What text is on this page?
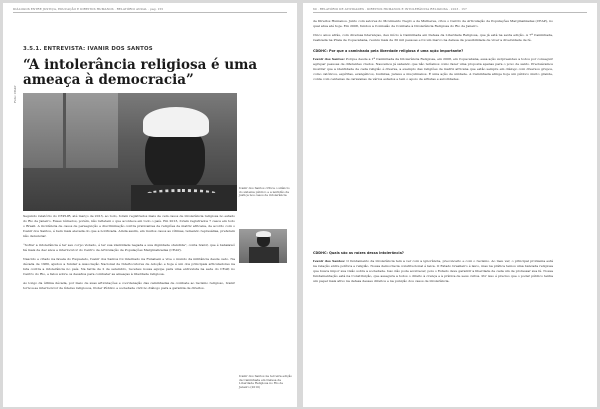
DIÁLOGOS ENTRE JUSTIÇA, EDUCAÇÃO E DIREITOS HUMANOS · RELATÓRIO ANUAL · pag. 155
3.5.1. ENTREVISTA: IVANIR DOS SANTOS
“A intolerância religiosa é uma ameaça à democracia”
Foto: CEAP
Ivanir dos Santos critica o silêncio do sistema público e a lentidão da justiça nos casos de intolerância
Ivanir dos Santos na terceira edição da Caminhada em Defesa da Liberdade Religiosa no Rio de Janeiro (2010)

Segundo relatório do CEPLIR, até março de 2013, ao todo, foram registrados mais de cem casos de intolerância religiosa no estado do Rio de Janeiro. Esses números, porém, não refletem o que acontece em todo o país. Em 2013, foram registrados 7 casos em todo o Brasil. A incidência de casos de perseguição e discriminação contra praticantes de religiões de matriz africana, de acordo com o Ivanir dos Santos, é bem mais elevada do que a notificada. Ainda assim, em muitos casos as vítimas, temendo represálias, preferem não denunciar.

“Sofrer a intolerância é ter seu corpo violado, é ter sua identidade negada e sua dignidade ofendida”, conta Ivanir, que é babalawô há mais de dez anos e interlocutor do Centro de Articulação de Populações Marginalizadas (CEAP).

Nascido e criado na favela do Esqueleto, Ivanir dos Santos foi internado na Funabem e vive o mundo da militância desde cedo. Na década de 1980, ajudou a fundar a Associação Nacional de Interlocutores de Adoção e hoje é um dos principais articuladores na luta contra a intolerância no país. Na tarde de 2 de setembro, recebeu nossa equipe para uma entrevista na sede do CEAP, no Centro do Rio, e falou sobre os desafios para combater as ameaças à liberdade religiosa.

Ao longo da última década, por meio de suas articulações e coordenação das caminhadas de combate ao racismo religioso, Ivanir tornou-se interlocutor de líderes religiosos, Poder Público e sociedade civil no diálogo para a garantia de direitos.

60 · RELATÓRIO DE ATIVIDADES · DIREITOS HUMANOS E INTOLERÂNCIA RELIGIOSA · 2013 · 157

de Direitos Humanos. Junto com setores do Movimento Negro e de Mulheres, criou o Centro de Articulação de Populações Marginalizadas (CEAP), no qual atua até hoje. Em 2008, fundou a Comissão de Combate à Intolerância Religiosa do Rio de Janeiro.

Cinco anos atrás, com diversas lideranças, deu início à Caminhada em Defesa da Liberdade Religiosa, que já está na sexta edição. A 7ª Caminhada, realizada na Praia de Copacabana, reuniu mais de 30 mil pessoas e foi um marco na defesa da possibilidade de viver a diversidade de fé.

CDDHC: Por que a caminhada pela liberdade religiosa é uma ação importante?

Ivanir dos Santos: Porque desde a 1ª Caminhada da Intolerância Religiosa, em 2008, em Copacabana, essa ação surpreendeu a todos por conseguir agrupar pessoas de diferentes credos. Nascemos já sabendo que não teríamos como fazer uma proposta apenas para o povo de santo. Precisávamos mostrar que a identidade de cada religião é diversa, a exemplo das religiões de matriz africana que estão sempre em diálogo com diversos grupos, como católicos, espíritas, evangélicos, budistas, judeus e muçulmanos. É uma ação de unidade. A Caminhada atinge hoje um público muito grande, conta com centenas de caravanas de vários estados e tem o apoio de artistas e autoridades.

CDDHC: Quais são as raízes dessa intolerância?

Ivanir dos Santos: O fundamento da intolerância tem a ver com a ignorância, preconceito e com o racismo. Ao meu ver, o principal problema está na relação entre política e religião. Nossa democracia constitucional é laica. O Estado brasileiro é laico, mas na prática temos uma bancada religiosa que busca impor sua visão sobre a sociedade. Isso não pode acontecer, pois o Estado deve garantir a liberdade de cada um de professar sua fé. Nossa fundamentação está na Constituição, que assegura a todos o direito à crença e à prática de seus cultos. Por isso é preciso que o poder público tenha um papel mais ativo na defesa desses direitos e na punição dos casos de intolerância.
